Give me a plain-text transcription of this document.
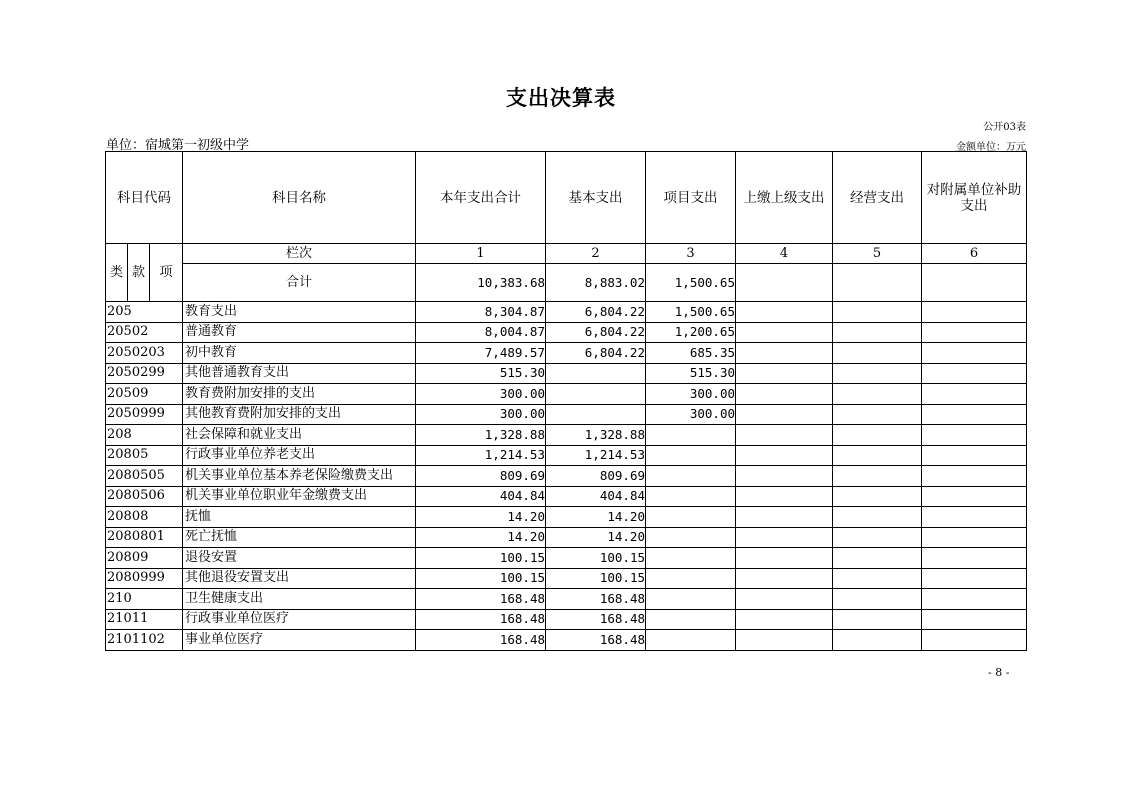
支出决算表
公开03表
单位：宿城第一初级中学	金额单位：万元
科目代码			科目名称	本年支出合计	基本支出	项目支出	上缴上级支出	经营支出	对附属单位补助支出
类	款	项	栏次	1	2	3	4	5	6
			合计	10,383.68	8,883.02	1,500.65			
205			教育支出	8,304.87	6,804.22	1,500.65			
20502			普通教育	8,004.87	6,804.22	1,200.65			
2050203			初中教育	7,489.57	6,804.22	685.35			
2050299			其他普通教育支出	515.30		515.30			
20509			教育费附加安排的支出	300.00		300.00			
2050999			其他教育费附加安排的支出	300.00		300.00			
208			社会保障和就业支出	1,328.88	1,328.88				
20805			行政事业单位养老支出	1,214.53	1,214.53				
2080505			机关事业单位基本养老保险缴费支出	809.69	809.69				
2080506			机关事业单位职业年金缴费支出	404.84	404.84				
20808			抚恤	14.20	14.20				
2080801			死亡抚恤	14.20	14.20				
20809			退役安置	100.15	100.15				
2080999			其他退役安置支出	100.15	100.15				
210			卫生健康支出	168.48	168.48				
21011			行政事业单位医疗	168.48	168.48				
2101102			事业单位医疗	168.48	168.48				
- 8 -
